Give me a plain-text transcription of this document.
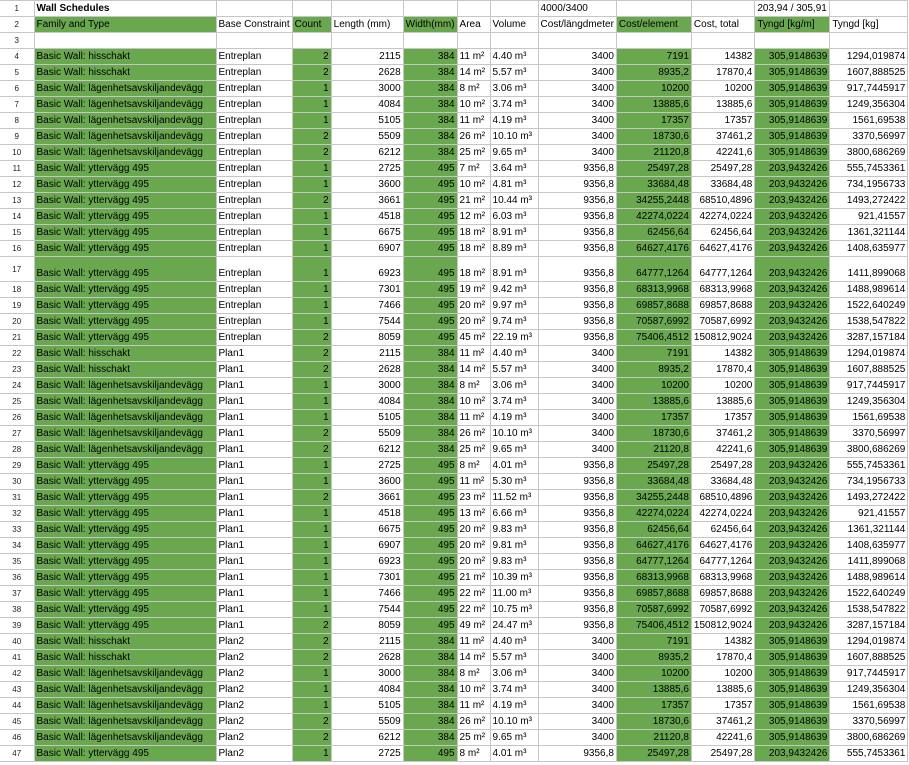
1	Wall Schedules							4000/3400			203,94 / 305,91	
2	Family and Type	Base Constraint	Count	Length (mm)	Width(mm)	Area	Volume	Cost/längdmeter	Cost/element	Cost, total	Tyngd [kg/m]	Tyngd [kg]
3												
4	Basic Wall: hisschakt	Entreplan	2	2115	384	11 m²	4.40 m³	3400	7191	14382	305,9148639	1294,019874
5	Basic Wall: hisschakt	Entreplan	2	2628	384	14 m²	5.57 m³	3400	8935,2	17870,4	305,9148639	1607,888525
6	Basic Wall: lägenhetsavskiljandevägg	Entreplan	1	3000	384	8 m²	3.06 m³	3400	10200	10200	305,9148639	917,7445917
7	Basic Wall: lägenhetsavskiljandevägg	Entreplan	1	4084	384	10 m²	3.74 m³	3400	13885,6	13885,6	305,9148639	1249,356304
8	Basic Wall: lägenhetsavskiljandevägg	Entreplan	1	5105	384	11 m²	4.19 m³	3400	17357	17357	305,9148639	1561,69538
9	Basic Wall: lägenhetsavskiljandevägg	Entreplan	2	5509	384	26 m²	10.10 m³	3400	18730,6	37461,2	305,9148639	3370,56997
10	Basic Wall: lägenhetsavskiljandevägg	Entreplan	2	6212	384	25 m²	9.65 m³	3400	21120,8	42241,6	305,9148639	3800,686269
11	Basic Wall: yttervägg 495	Entreplan	1	2725	495	7 m²	3.64 m³	9356,8	25497,28	25497,28	203,9432426	555,7453361
12	Basic Wall: yttervägg 495	Entreplan	1	3600	495	10 m²	4.81 m³	9356,8	33684,48	33684,48	203,9432426	734,1956733
13	Basic Wall: yttervägg 495	Entreplan	2	3661	495	21 m²	10.44 m³	9356,8	34255,2448	68510,4896	203,9432426	1493,272422
14	Basic Wall: yttervägg 495	Entreplan	1	4518	495	12 m²	6.03 m³	9356,8	42274,0224	42274,0224	203,9432426	921,41557
15	Basic Wall: yttervägg 495	Entreplan	1	6675	495	18 m²	8.91 m³	9356,8	62456,64	62456,64	203,9432426	1361,321144
16	Basic Wall: yttervägg 495	Entreplan	1	6907	495	18 m²	8.89 m³	9356,8	64627,4176	64627,4176	203,9432426	1408,635977
17	Basic Wall: yttervägg 495	Entreplan	1	6923	495	18 m²	8.91 m³	9356,8	64777,1264	64777,1264	203,9432426	1411,899068
18	Basic Wall: yttervägg 495	Entreplan	1	7301	495	19 m²	9.42 m³	9356,8	68313,9968	68313,9968	203,9432426	1488,989614
19	Basic Wall: yttervägg 495	Entreplan	1	7466	495	20 m²	9.97 m³	9356,8	69857,8688	69857,8688	203,9432426	1522,640249
20	Basic Wall: yttervägg 495	Entreplan	1	7544	495	20 m²	9.74 m³	9356,8	70587,6992	70587,6992	203,9432426	1538,547822
21	Basic Wall: yttervägg 495	Entreplan	2	8059	495	45 m²	22.19 m³	9356,8	75406,4512	150812,9024	203,9432426	3287,157184
22	Basic Wall: hisschakt	Plan1	2	2115	384	11 m²	4.40 m³	3400	7191	14382	305,9148639	1294,019874
23	Basic Wall: hisschakt	Plan1	2	2628	384	14 m²	5.57 m³	3400	8935,2	17870,4	305,9148639	1607,888525
24	Basic Wall: lägenhetsavskiljandevägg	Plan1	1	3000	384	8 m²	3.06 m³	3400	10200	10200	305,9148639	917,7445917
25	Basic Wall: lägenhetsavskiljandevägg	Plan1	1	4084	384	10 m²	3.74 m³	3400	13885,6	13885,6	305,9148639	1249,356304
26	Basic Wall: lägenhetsavskiljandevägg	Plan1	1	5105	384	11 m²	4.19 m³	3400	17357	17357	305,9148639	1561,69538
27	Basic Wall: lägenhetsavskiljandevägg	Plan1	2	5509	384	26 m²	10.10 m³	3400	18730,6	37461,2	305,9148639	3370,56997
28	Basic Wall: lägenhetsavskiljandevägg	Plan1	2	6212	384	25 m²	9.65 m³	3400	21120,8	42241,6	305,9148639	3800,686269
29	Basic Wall: yttervägg 495	Plan1	1	2725	495	8 m²	4.01 m³	9356,8	25497,28	25497,28	203,9432426	555,7453361
30	Basic Wall: yttervägg 495	Plan1	1	3600	495	11 m²	5.30 m³	9356,8	33684,48	33684,48	203,9432426	734,1956733
31	Basic Wall: yttervägg 495	Plan1	2	3661	495	23 m²	11.52 m³	9356,8	34255,2448	68510,4896	203,9432426	1493,272422
32	Basic Wall: yttervägg 495	Plan1	1	4518	495	13 m²	6.66 m³	9356,8	42274,0224	42274,0224	203,9432426	921,41557
33	Basic Wall: yttervägg 495	Plan1	1	6675	495	20 m²	9.83 m³	9356,8	62456,64	62456,64	203,9432426	1361,321144
34	Basic Wall: yttervägg 495	Plan1	1	6907	495	20 m²	9.81 m³	9356,8	64627,4176	64627,4176	203,9432426	1408,635977
35	Basic Wall: yttervägg 495	Plan1	1	6923	495	20 m²	9.83 m³	9356,8	64777,1264	64777,1264	203,9432426	1411,899068
36	Basic Wall: yttervägg 495	Plan1	1	7301	495	21 m²	10.39 m³	9356,8	68313,9968	68313,9968	203,9432426	1488,989614
37	Basic Wall: yttervägg 495	Plan1	1	7466	495	22 m²	11.00 m³	9356,8	69857,8688	69857,8688	203,9432426	1522,640249
38	Basic Wall: yttervägg 495	Plan1	1	7544	495	22 m²	10.75 m³	9356,8	70587,6992	70587,6992	203,9432426	1538,547822
39	Basic Wall: yttervägg 495	Plan1	2	8059	495	49 m²	24.47 m³	9356,8	75406,4512	150812,9024	203,9432426	3287,157184
40	Basic Wall: hisschakt	Plan2	2	2115	384	11 m²	4.40 m³	3400	7191	14382	305,9148639	1294,019874
41	Basic Wall: hisschakt	Plan2	2	2628	384	14 m²	5.57 m³	3400	8935,2	17870,4	305,9148639	1607,888525
42	Basic Wall: lägenhetsavskiljandevägg	Plan2	1	3000	384	8 m²	3.06 m³	3400	10200	10200	305,9148639	917,7445917
43	Basic Wall: lägenhetsavskiljandevägg	Plan2	1	4084	384	10 m²	3.74 m³	3400	13885,6	13885,6	305,9148639	1249,356304
44	Basic Wall: lägenhetsavskiljandevägg	Plan2	1	5105	384	11 m²	4.19 m³	3400	17357	17357	305,9148639	1561,69538
45	Basic Wall: lägenhetsavskiljandevägg	Plan2	2	5509	384	26 m²	10.10 m³	3400	18730,6	37461,2	305,9148639	3370,56997
46	Basic Wall: lägenhetsavskiljandevägg	Plan2	2	6212	384	25 m²	9.65 m³	3400	21120,8	42241,6	305,9148639	3800,686269
47	Basic Wall: yttervägg 495	Plan2	1	2725	495	8 m²	4.01 m³	9356,8	25497,28	25497,28	203,9432426	555,7453361
